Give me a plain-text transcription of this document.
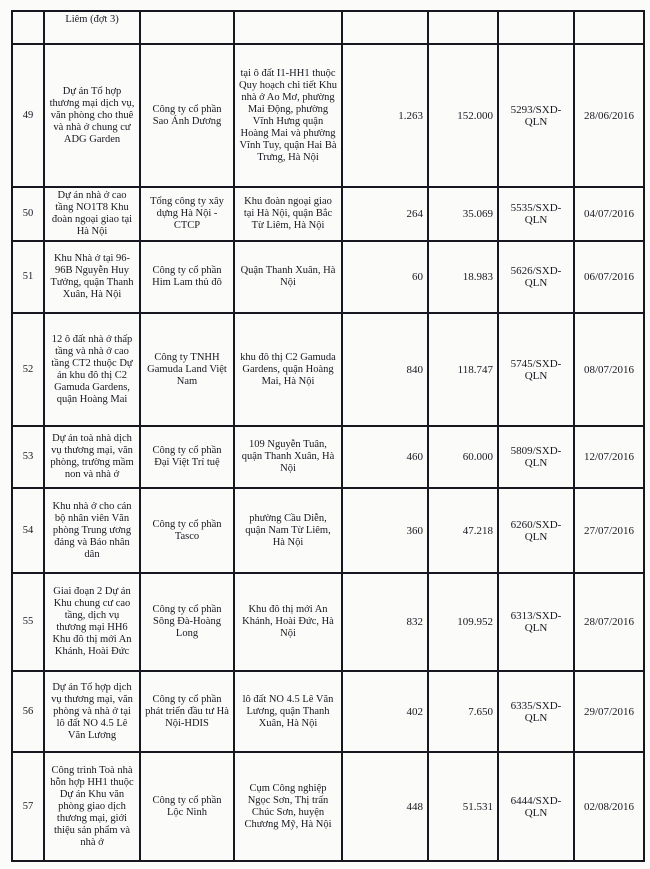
	Liêm (đợt 3)						
49	Dự án Tổ hợp thương mại dịch vụ, văn phòng cho thuê và nhà ở chung cư ADG Garden	Công ty cổ phần Sao Ánh Dương	tại ô đất I1-HH1 thuộc Quy hoạch chi tiết Khu nhà ở Ao Mơ, phường Mai Động, phường Vĩnh Hưng quận Hoàng Mai và phường Vĩnh Tuy, quận Hai Bà Trưng, Hà Nội	1.263	152.000	5293/SXD-QLN	28/06/2016
50	Dự án nhà ở cao tầng NO1T8 Khu đoàn ngoại giao tại Hà Nội	Tổng công ty xây dựng Hà Nội - CTCP	Khu đoàn ngoại giao tại Hà Nội, quận Bắc Từ Liêm, Hà Nội	264	35.069	5535/SXD-QLN	04/07/2016
51	Khu Nhà ở tại 96-96B Nguyễn Huy Tưởng, quận Thanh Xuân, Hà Nội	Công ty cổ phần Him Lam thủ đô	Quận Thanh Xuân, Hà Nội	60	18.983	5626/SXD-QLN	06/07/2016
52	12 ô đất nhà ở thấp tầng và nhà ở cao tầng CT2 thuộc Dự án khu đô thị C2 Gamuda Gardens, quận Hoàng Mai	Công ty TNHH Gamuda Land Việt Nam	khu đô thị C2 Gamuda Gardens, quận Hoàng Mai, Hà Nội	840	118.747	5745/SXD-QLN	08/07/2016
53	Dự án toà nhà dịch vụ thương mại, văn phòng, trường mầm non và nhà ở	Công ty cổ phần Đại Việt Trí tuệ	109 Nguyễn Tuân, quận Thanh Xuân, Hà Nội	460	60.000	5809/SXD-QLN	12/07/2016
54	Khu nhà ở cho cán bộ nhân viên Văn phòng Trung ương đảng và Báo nhân dân	Công ty cổ phần Tasco	phường Cầu Diễn, quận Nam Từ Liêm, Hà Nội	360	47.218	6260/SXD-QLN	27/07/2016
55	Giai đoạn 2 Dự án Khu chung cư cao tầng, dịch vụ thương mại HH6 Khu đô thị mới An Khánh, Hoài Đức	Công ty cổ phần Sông Đà-Hoàng Long	Khu đô thị mới An Khánh, Hoài Đức, Hà Nội	832	109.952	6313/SXD-QLN	28/07/2016
56	Dự án Tổ hợp dịch vụ thương mại, văn phòng và nhà ở tại lô đất NO 4.5 Lê Văn Lương	Công ty cổ phần phát triển đầu tư Hà Nội-HDIS	lô đất NO 4.5 Lê Văn Lương, quận Thanh Xuân, Hà Nội	402	7.650	6335/SXD-QLN	29/07/2016
57	Công trình Toà nhà hỗn hợp HH1 thuộc Dự án Khu văn phòng giao dịch thương mại, giới thiệu sản phẩm và nhà ở	Công ty cổ phần Lộc Ninh	Cụm Công nghiệp Ngọc Sơn, Thị trấn Chúc Sơn, huyện Chương Mỹ, Hà Nội	448	51.531	6444/SXD-QLN	02/08/2016
